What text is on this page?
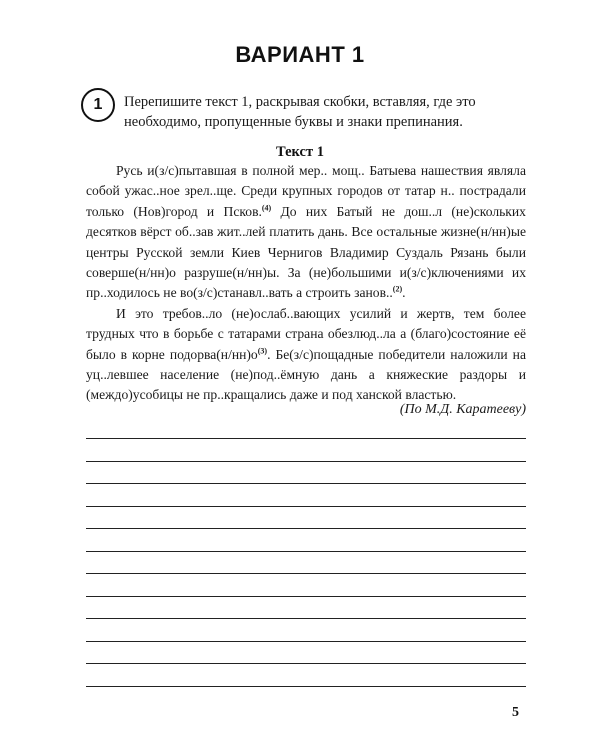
ВАРИАНТ 1
1 Перепишите текст 1, раскрывая скобки, вставляя, где это необходимо, пропущенные буквы и знаки препинания.
Текст 1

Русь и(з/с)пытавшая в полной мер.. мощ.. Батыева нашествия являла собой ужас..ное зрел..ще. Среди крупных городов от татар н.. пострадали только (Нов)город и Псков.$^{(4)}$ До них Батый не дош..л (не)скольких десятков вёрст об..зав жит..лей платить дань. Все остальные жизне(н/нн)ые центры Русской земли Киев Чернигов Владимир Суздаль Рязань были соверше(н/нн)о разруше(н/нн)ы. За (не)большими и(з/с)ключениями их пр..ходилось не во(з/с)станавл..вать а строить занов..$^{(2)}$.

И это требов..ло (не)ослаб..вающих усилий и жертв, тем более трудных что в борьбе с татарами страна обезлюд..ла а (благо)состояние её было в корне $подорва(н/нн)о^{(3)}$. Бе(з/с)пощадные победители наложили на уц..левшее население (не)под..ёмную дань а княжеские раздоры и (междо)усобицы не пр..кращались даже и под ханской властью.

(По М.Д. Каратееву)
5
